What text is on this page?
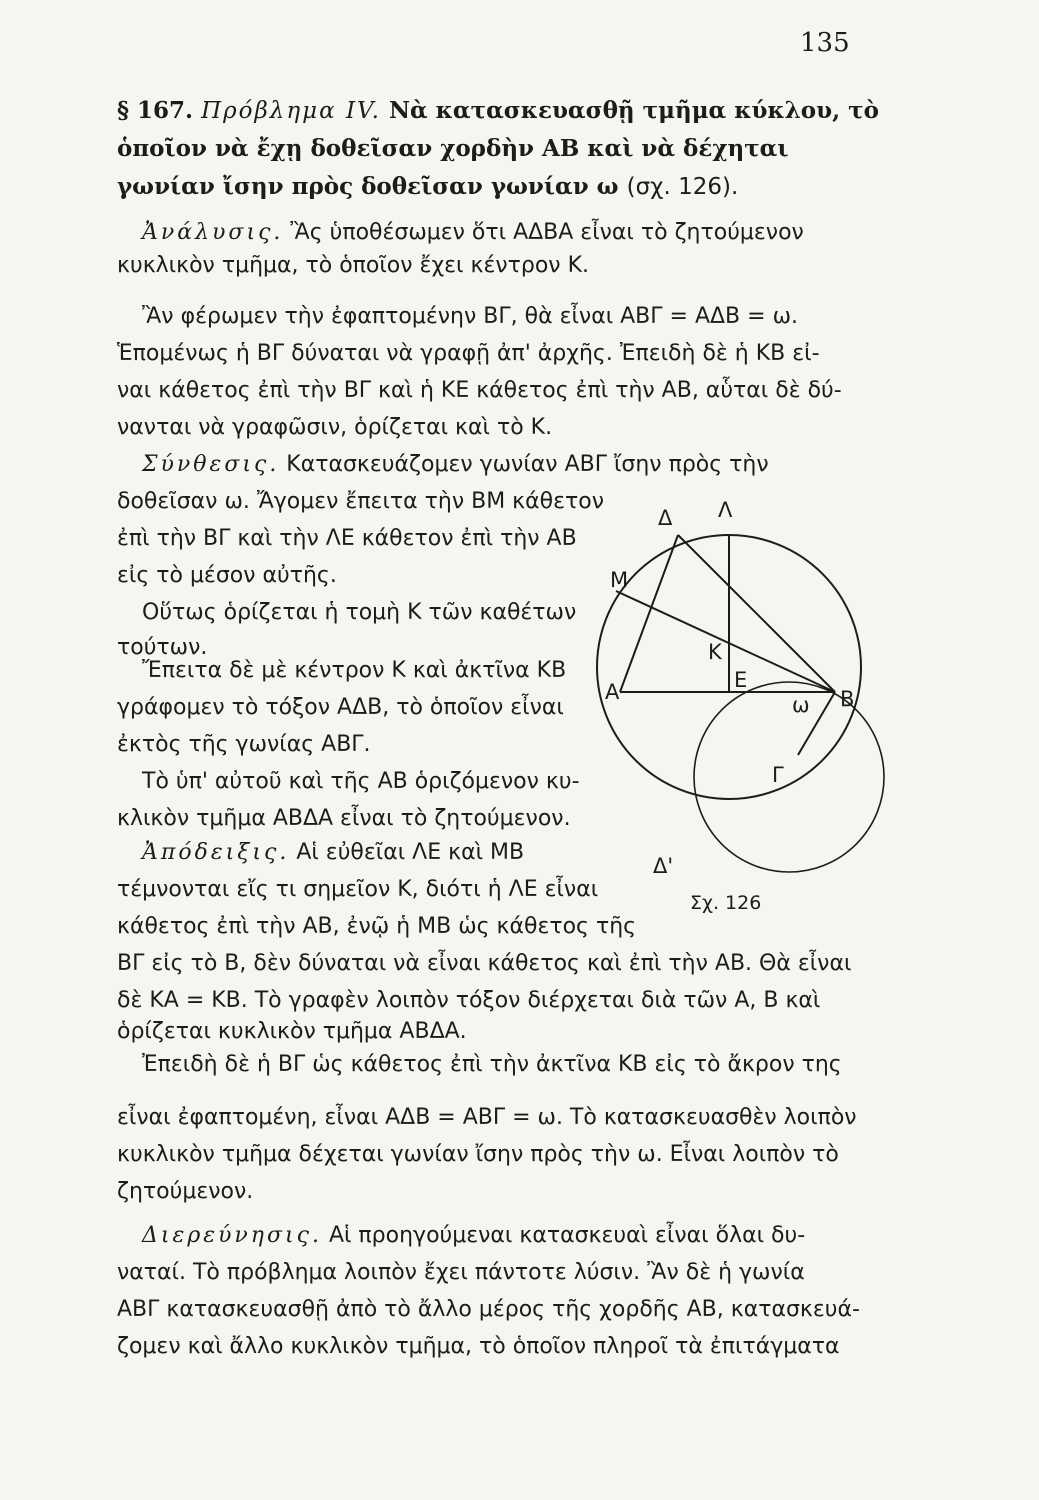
135
§ 167. Πρόβλημα IV. Νὰ κατασκευασθῇ τμῆμα κύκλου, τὸ ὁποῖον νὰ ἔχῃ δοθεῖσαν χορδὴν ΑΒ καὶ νὰ δέχηται γωνίαν ἴσην πρὸς δοθεῖσαν γωνίαν ω (σχ. 126).
Ἀνάλυσις. Ἂς ὑποθέσωμεν ὅτι ΑΔΒΑ εἶναι τὸ ζητούμενον
κυκλικὸν τμῆμα, τὸ ὁποῖον ἔχει κέντρον Κ.
Ἂν φέρωμεν τὴν ἐφαπτομένην ΒΓ, θὰ εἶναι ΑΒΓ = ΑΔΒ = ω.
Ἑπομένως ἡ ΒΓ δύναται νὰ γραφῇ ἀπ' ἀρχῆς. Ἐπειδὴ δὲ ἡ ΚΒ εἰ-
ναι κάθετος ἐπὶ τὴν ΒΓ καὶ ἡ ΚΕ κάθετος ἐπὶ τὴν ΑΒ, αὗται δὲ δύ-
νανται νὰ γραφῶσιν, ὁρίζεται καὶ τὸ Κ.
Σύνθεσις. Κατασκευάζομεν γωνίαν ΑΒΓ ἴσην πρὸς τὴν
δοθεῖσαν ω. Ἄγομεν ἔπειτα τὴν ΒΜ κάθετον
ἐπὶ τὴν ΒΓ καὶ τὴν ΛΕ κάθετον ἐπὶ τὴν ΑΒ
εἰς τὸ μέσον αὐτῆς.
Οὕτως ὁρίζεται ἡ τομὴ Κ τῶν καθέτων
τούτων.
Ἔπειτα δὲ μὲ κέντρον Κ καὶ ἀκτῖνα ΚΒ
γράφομεν τὸ τόξον ΑΔΒ, τὸ ὁποῖον εἶναι
ἐκτὸς τῆς γωνίας ΑΒΓ.
Τὸ ὑπ' αὐτοῦ καὶ τῆς ΑΒ ὁριζόμενον κυ-
κλικὸν τμῆμα ΑΒΔΑ εἶναι τὸ ζητούμενον.
Ἀπόδειξις. Αἱ εὐθεῖαι ΛΕ καὶ ΜΒ
τέμνονται εἴς τι σημεῖον Κ, διότι ἡ ΛΕ εἶναι
κάθετος ἐπὶ τὴν ΑΒ, ἐνῷ ἡ ΜΒ ὡς κάθετος τῆς
ΒΓ εἰς τὸ Β, δὲν δύναται νὰ εἶναι κάθετος καὶ ἐπὶ τὴν ΑΒ. Θὰ εἶναι
δὲ ΚΑ = ΚΒ. Τὸ γραφὲν λοιπὸν τόξον διέρχεται διὰ τῶν Α, Β καὶ
ὁρίζεται κυκλικὸν τμῆμα ΑΒΔΑ.
Ἐπειδὴ δὲ ἡ ΒΓ ὡς κάθετος ἐπὶ τὴν ἀκτῖνα ΚΒ εἰς τὸ ἄκρον της
εἶναι ἐφαπτομένη, εἶναι ΑΔΒ = ΑΒΓ = ω. Τὸ κατασκευασθὲν λοιπὸν
κυκλικὸν τμῆμα δέχεται γωνίαν ἴσην πρὸς τὴν ω. Εἶναι λοιπὸν τὸ
ζητούμενον.
Διερεύνησις. Αἱ προηγούμεναι κατασκευαὶ εἶναι ὅλαι δυ-
ναταί. Τὸ πρόβλημα λοιπὸν ἔχει πάντοτε λύσιν. Ἂν δὲ ἡ γωνία
ΑΒΓ κατασκευασθῇ ἀπὸ τὸ ἄλλο μέρος τῆς χορδῆς ΑΒ, κατασκευά-
ζομεν καὶ ἄλλο κυκλικὸν τμῆμα, τὸ ὁποῖον πληροῖ τὰ ἐπιτάγματα
Δ Λ
Μ
Κ
Ε
Α	Β
ω
Γ
Δ'
Σχ. 126
